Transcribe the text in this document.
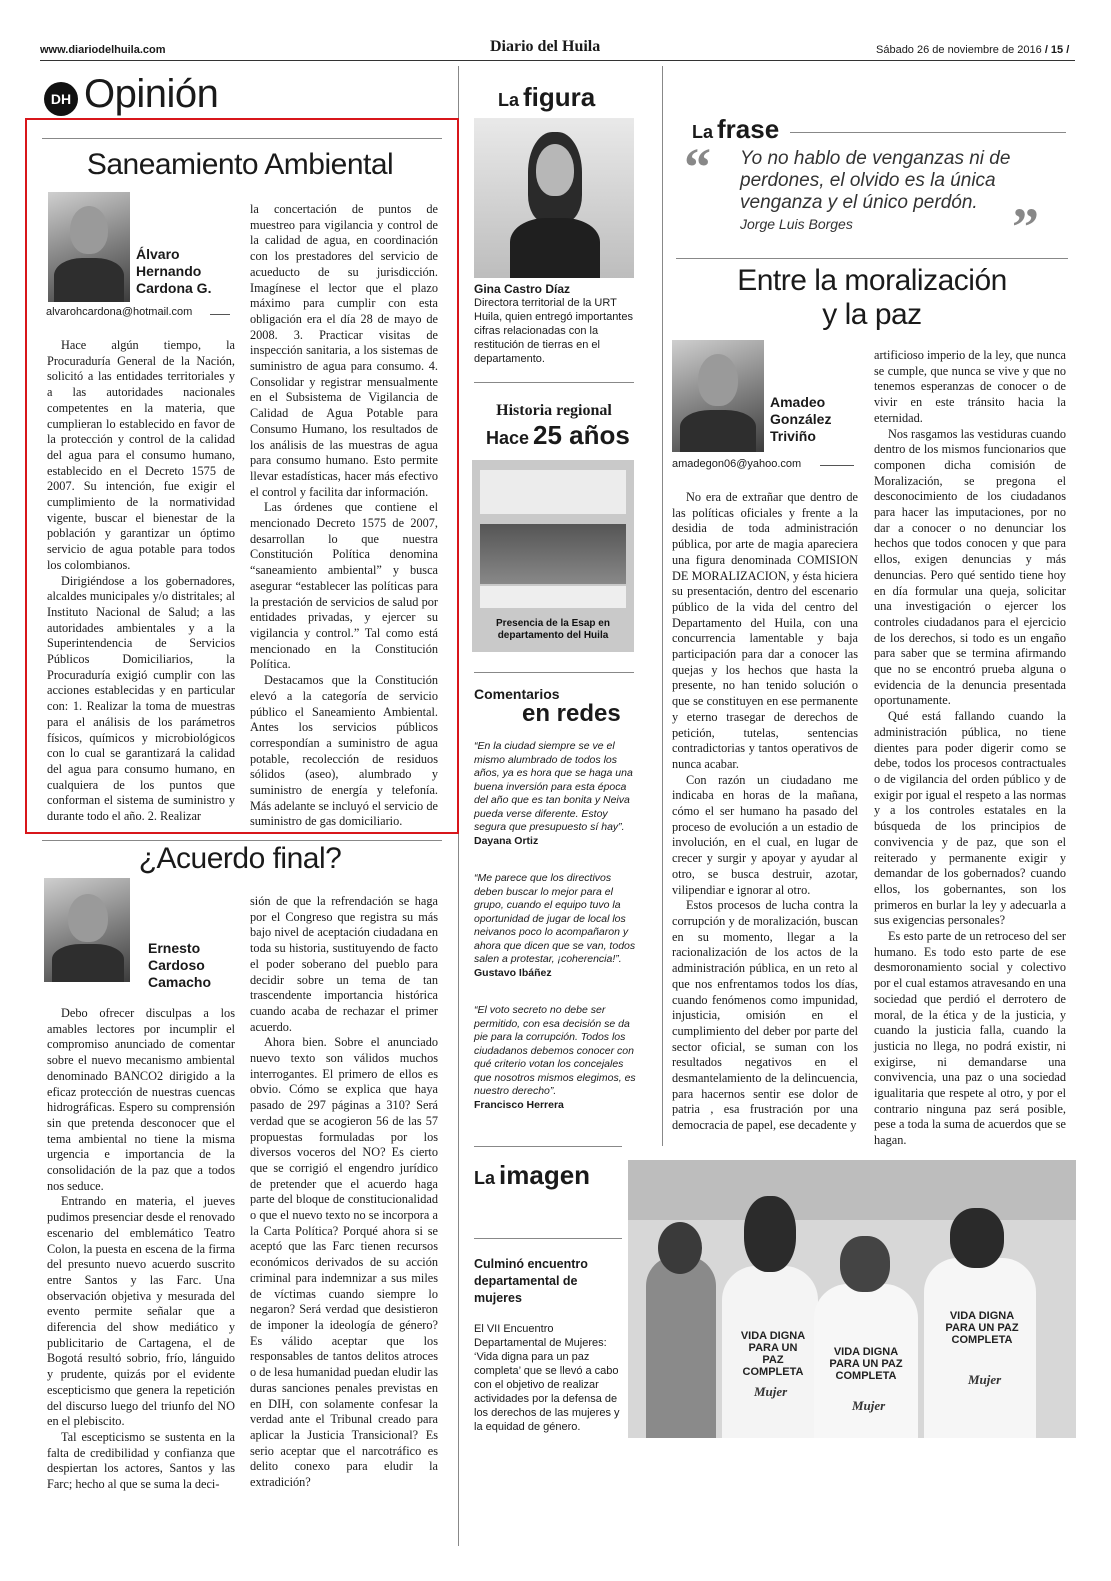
www.diariodelhuila.com	Diario del Huila	Sábado 26 de noviembre de 2016 / 15 /
DH Opinión
Saneamiento Ambiental
Álvaro
Hernando
Cardona G.
alvarohcardona@hotmail.com

Hace algún tiempo, la Procuraduría General de la Nación, solicitó a las entidades territoriales y a las autoridades nacionales competentes en la materia, que cumplieran lo establecido en favor de la protección y control de la calidad del agua para el consumo humano, establecido en el Decreto 1575 de 2007. Su intención, fue exigir el cumplimiento de la normatividad vigente, buscar el bienestar de la población y garantizar un óptimo servicio de agua potable para todos los colombianos.

Dirigiéndose a los gobernadores, alcaldes municipales y/o distritales; al Instituto Nacional de Salud; a las autoridades ambientales y a la Superintendencia de Servicios Públicos Domiciliarios, la Procuraduría exigió cumplir con las acciones establecidas y en particular con: 1. Realizar la toma de muestras para el análisis de los parámetros físicos, químicos y microbiológicos con lo cual se garantizará la calidad del agua para consumo humano, en cualquiera de los puntos que conforman el sistema de suministro y durante todo el año. 2. Realizar

la concertación de puntos de muestreo para vigilancia y control de la calidad de agua, en coordinación con los prestadores del servicio de acueducto de su jurisdicción. Imagínese el lector que el plazo máximo para cumplir con esta obligación era el día 28 de mayo de 2008. 3. Practicar visitas de inspección sanitaria, a los sistemas de suministro de agua para consumo. 4. Consolidar y registrar mensualmente en el Subsistema de Vigilancia de Calidad de Agua Potable para Consumo Humano, los resultados de los análisis de las muestras de agua para consumo humano. Esto permite llevar estadísticas, hacer más efectivo el control y facilita dar información.

Las órdenes que contiene el mencionado Decreto 1575 de 2007, desarrollan lo que nuestra Constitución Política denomina “saneamiento ambiental” y busca asegurar “establecer las políticas para la prestación de servicios de salud por entidades privadas, y ejercer su vigilancia y control.” Tal como está mencionado en la Constitución Política.

Destacamos que la Constitución elevó a la categoría de servicio público el Saneamiento Ambiental. Antes los servicios públicos correspondían a suministro de agua potable, recolección de residuos sólidos (aseo), alumbrado y suministro de energía y telefonía. Más adelante se incluyó el servicio de suministro de gas domiciliario.

¿Acuerdo final?
Ernesto
Cardoso
Camacho

Debo ofrecer disculpas a los amables lectores por incumplir el compromiso anunciado de comentar sobre el nuevo mecanismo ambiental denominado BANCO2 dirigido a la eficaz protección de nuestras cuencas hidrográficas. Espero su comprensión sin que pretenda desconocer que el tema ambiental no tiene la misma urgencia e importancia de la consolidación de la paz que a todos nos seduce.

Entrando en materia, el jueves pudimos presenciar desde el renovado escenario del emblemático Teatro Colon, la puesta en escena de la firma del presunto nuevo acuerdo suscrito entre Santos y las Farc. Una observación objetiva y mesurada del evento permite señalar que a diferencia del show mediático y publicitario de Cartagena, el de Bogotá resultó sobrio, frío, lánguido y prudente, quizás por el evidente escepticismo que genera la repetición del discurso luego del triunfo del NO en el plebiscito.

Tal escepticismo se sustenta en la falta de credibilidad y confianza que despiertan los actores, Santos y las Farc; hecho al que se suma la deci-

sión de que la refrendación se haga por el Congreso que registra su más bajo nivel de aceptación ciudadana en toda su historia, sustituyendo de facto el poder soberano del pueblo para decidir sobre un tema de tan trascendente importancia histórica cuando acaba de rechazar el primer acuerdo.

Ahora bien. Sobre el anunciado nuevo texto son válidos muchos interrogantes. El primero de ellos es obvio. Cómo se explica que haya pasado de 297 páginas a 310? Será verdad que se acogieron 56 de las 57 propuestas formuladas por los diversos voceros del NO? Es cierto que se corrigió el engendro jurídico de pretender que el acuerdo haga parte del bloque de constitucionalidad o que el nuevo texto no se incorpora a la Carta Política? Porqué ahora si se aceptó que las Farc tienen recursos económicos derivados de su acción criminal para indemnizar a sus miles de víctimas cuando siempre lo negaron? Será verdad que desistieron de imponer la ideología de género? Es válido aceptar que los responsables de tantos delitos atroces o de lesa humanidad puedan eludir las duras sanciones penales previstas en en DIH, con solamente confesar la verdad ante el Tribunal creado para aplicar la Justicia Transicional? Es serio aceptar que el narcotráfico es delito conexo para eludir la extradición?

La figura
Gina Castro Díaz
Directora territorial de la URT Huila, quien entregó importantes cifras relacionadas con la restitución de tierras en el departamento.
Historia regional
Hace 25 años
Presencia de la Esap en departamento del Huila
Comentarios
en redes
“En la ciudad siempre se ve el mismo alumbrado de todos los años, ya es hora que se haga una buena inversión para esta época del año que es tan bonita y Neiva pueda verse diferente. Estoy segura que presupuesto sí hay”.
Dayana Ortiz
“Me parece que los directivos deben buscar lo mejor para el grupo, cuando el equipo tuvo la oportunidad de jugar de local los neivanos poco lo acompañaron y ahora que dicen que se van, todos salen a protestar, ¡coherencia!”.
Gustavo Ibáñez
“El voto secreto no debe ser permitido, con esa decisión se da pie para la corrupción. Todos los ciudadanos debemos conocer con qué criterio votan los concejales que nosotros mismos elegimos, es nuestro derecho”.
Francisco Herrera
La frase
“ Yo no hablo de venganzas ni de perdones, el olvido es la única venganza y el único perdón.
Jorge Luis Borges	”
Entre la moralización
y la paz
Amadeo
González
Triviño
amadegon06@yahoo.com

No era de extrañar que dentro de las políticas oficiales y frente a la desidia de toda administración pública, por arte de magia apareciera una figura denominada COMISION DE MORALIZACION, y ésta hiciera su presentación, dentro del escenario público de la vida del centro del Departamento del Huila, con una concurrencia lamentable y baja participación para dar a conocer las quejas y los hechos que hasta la presente, no han tenido solución o que se constituyen en ese permanente y eterno trasegar de derechos de petición, tutelas, sentencias contradictorias y tantos operativos de nunca acabar.

Con razón un ciudadano me indicaba en horas de la mañana, cómo el ser humano ha pasado del proceso de evolución a un estadio de involución, en el cual, en lugar de crecer y surgir y apoyar y ayudar al otro, se busca destruir, azotar, vilipendiar e ignorar al otro.

Estos procesos de lucha contra la corrupción y de moralización, buscan en su momento, llegar a la racionalización de los actos de la administración pública, en un reto al que nos enfrentamos todos los días, cuando fenómenos como impunidad, injusticia, omisión en el cumplimiento del deber por parte del sector oficial, se suman con los resultados negativos en el desmantelamiento de la delincuencia, para hacernos sentir ese dolor de patria , esa frustración por una democracia de papel, ese decadente y

artificioso imperio de la ley, que nunca se cumple, que nunca se vive y que no tenemos esperanzas de conocer o de vivir en este tránsito hacia la eternidad.

Nos rasgamos las vestiduras cuando dentro de los mismos funcionarios que componen dicha comisión de Moralización, se pregona el desconocimiento de los ciudadanos para hacer las imputaciones, por no dar a conocer o no denunciar los hechos que todos conocen y que para ellos, exigen denuncias y más denuncias. Pero qué sentido tiene hoy en día formular una queja, solicitar una investigación o ejercer los controles ciudadanos para el ejercicio de los derechos, si todo es un engaño para saber que se termina afirmando que no se encontró prueba alguna o evidencia de la denuncia presentada oportunamente.

Qué está fallando cuando la administración pública, no tiene dientes para poder digerir como se debe, todos los procesos contractuales o de vigilancia del orden público y de exigir por igual el respeto a las normas y a los controles estatales en la búsqueda de los principios de convivencia y de paz, que son el reiterado y permanente exigir y demandar de los gobernados? cuando ellos, los gobernantes, son los primeros en burlar la ley y adecuarla a sus exigencias personales?

Es esto parte de un retroceso del ser humano. Es todo esto parte de ese desmoronamiento social y colectivo por el cual estamos atravesando en una sociedad que perdió el derrotero de moral, de la ética y de la justicia, y cuando la justicia falla, cuando la justicia no llega, no podrá existir, ni exigirse, ni demandarse una convivencia, una paz o una sociedad igualitaria que respete al otro, y por el contrario ninguna paz será posible, pese a toda la suma de acuerdos que se hagan.

La imagen
Culminó encuentro departamental de mujeres
El VII Encuentro Departamental de Mujeres: ‘Vida digna para un paz completa’ que se llevó a cabo con el objetivo de realizar actividades por la defensa de los derechos de las mujeres y la equidad de género.
VIDA DIGNA PARA UN PAZ COMPLETA
VIDA DIGNA PARA UN PAZ COMPLETA
VIDA DIGNA PARA UN PAZ COMPLETA
Mujer
Mujer
Mujer
